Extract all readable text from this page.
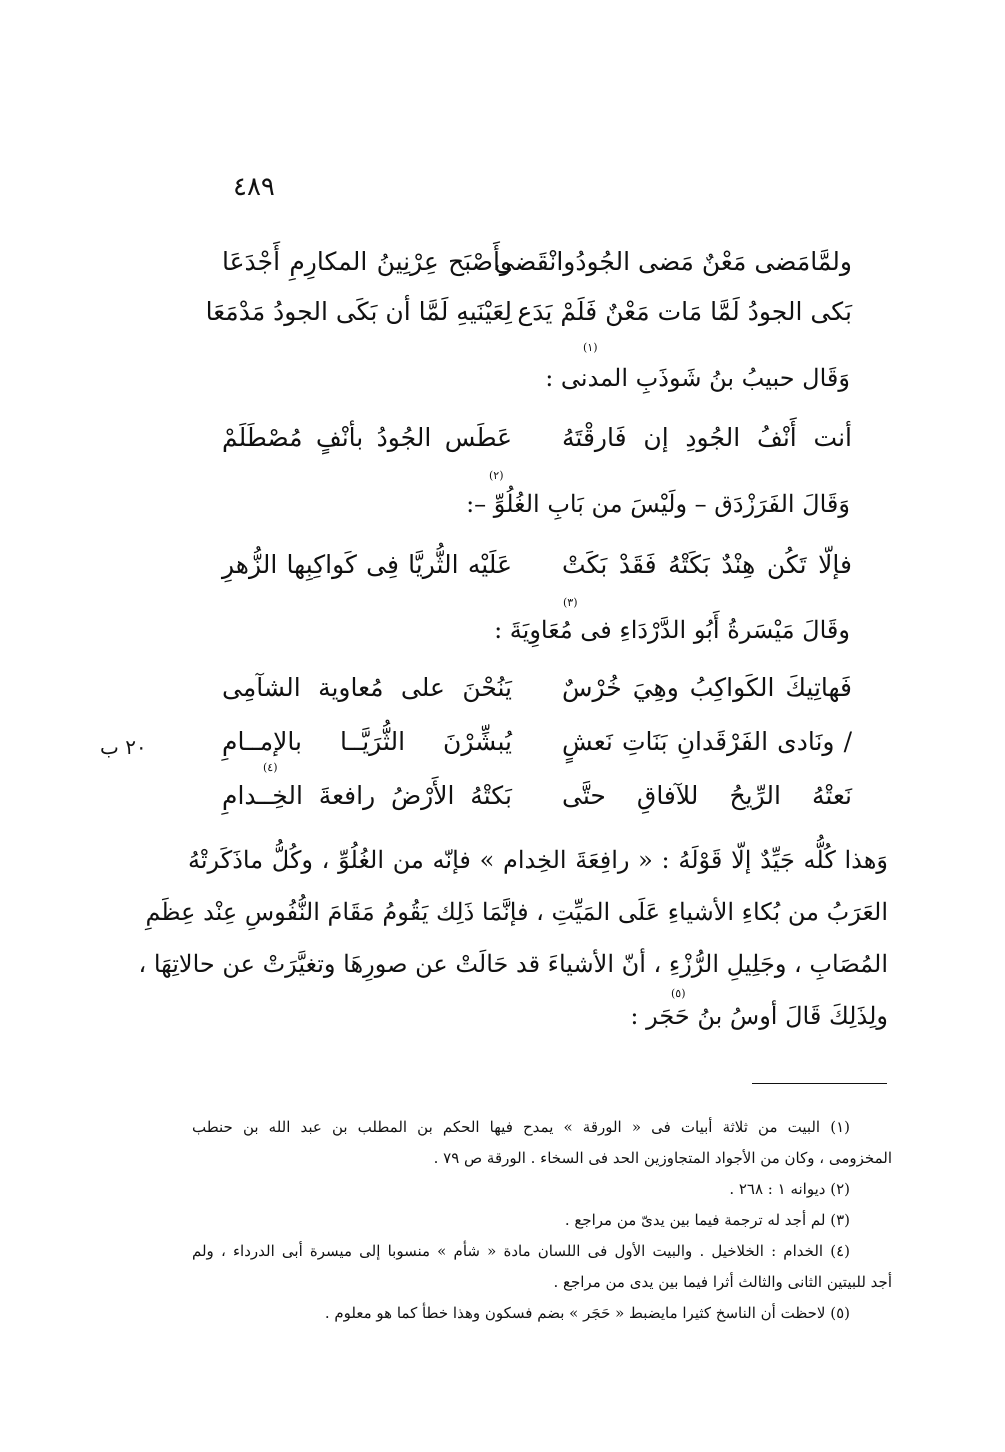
٤٨٩
ولمَّامَضى مَعْنٌ مَضى الجُودُوانْقَضى
وأَصْبَح عِرْنِينُ المكارِمِ أَجْدَعَا
بَكى الجودُ لَمَّا مَات مَعْنٌ فَلَمْ يَدَع
لِعَيْنَيهِ لَمَّا أن بَكَى الجودُ مَدْمَعَا
(١)
وَقَال حبيبُ بنُ شَوذَبِ المدنى :
أنت أَنْفُ الجُودِ إن فَارقْتَهُ
عَطَس الجُودُ بأنْفٍ مُصْطَلَمْ
(٢)
وَقَالَ الفَرَزْدَق – ولَيْسَ من بَابِ الغُلُوِّ –:
فإلّا تَكُن هِنْدٌ بَكَتْهُ فَقَدْ بَكَتْ
عَلَيْه الثُّريَّا فِى كَواكِبِها الزُّهرِ
(٣)
وقَالَ مَيْسَرةُ أَبُو الدَّرْدَاءِ فى مُعَاوِيَةَ :
فَهاتِيكَ الكَواكِبُ وهِيَ خُرْسٌ
يَنُحْنَ على مُعاوية الشآمِى
/ ونَادى الفَرْقَدانِ بَنَاتِ نَعشٍ
يُبشِّرْنَ الثُّرَيَّــا بالإمــامِ
(٤)
نَعتْهُ الرِّيحُ للآفاقِ حتَّى
بَكتْهُ الأَرْضُ رافعةَ الخِــدامِ
٢٠ ب
وَهذا كُلُّه جَيِّدٌ إلّا قَوْلَهُ : « رافِعَةَ الخِدام » فإنّه من الغُلُوِّ ، وكُلُّ ماذَكَرتْهُ
العَرَبُ من بُكاءِ الأشياءِ عَلَى المَيِّتِ ، فإنَّمَا ذَلِك يَقُومُ مَقَامَ النُّفُوسِ عِنْد عِظَمِ
المُصَابِ ، وجَلِيلِ الرُّزْءِ ، أنّ الأشياءَ قد حَالَتْ عن صورِهَا وتغيَّرَتْ عن حالاتِهَا ،
ولِذَلِكَ قَالَ أوسُ بنُ حَجَر :
(٥)
(١) البيت من ثلاثة أبيات فى « الورقة » يمدح فيها الحكم بن المطلب بن عبد الله بن حنطب
المخزومى ، وكان من الأجواد المتجاوزين الحد فى السخاء . الورقة ص ٧٩ .
(٢) ديوانه ١ : ٢٦٨ .
(٣) لم أجد له ترجمة فيما بين يدىّ من مراجع .
(٤) الخدام : الخلاخيل . والبيت الأول فى اللسان مادة « شأم » منسوبا إلى ميسرة أبى الدرداء ، ولم
أجد للبيتين الثانى والثالث أثرا فيما بين يدى من مراجع .
(٥) لاحظت أن الناسخ كثيرا مايضبط « حَجَر » بضم فسكون وهذا خطأ كما هو معلوم .
